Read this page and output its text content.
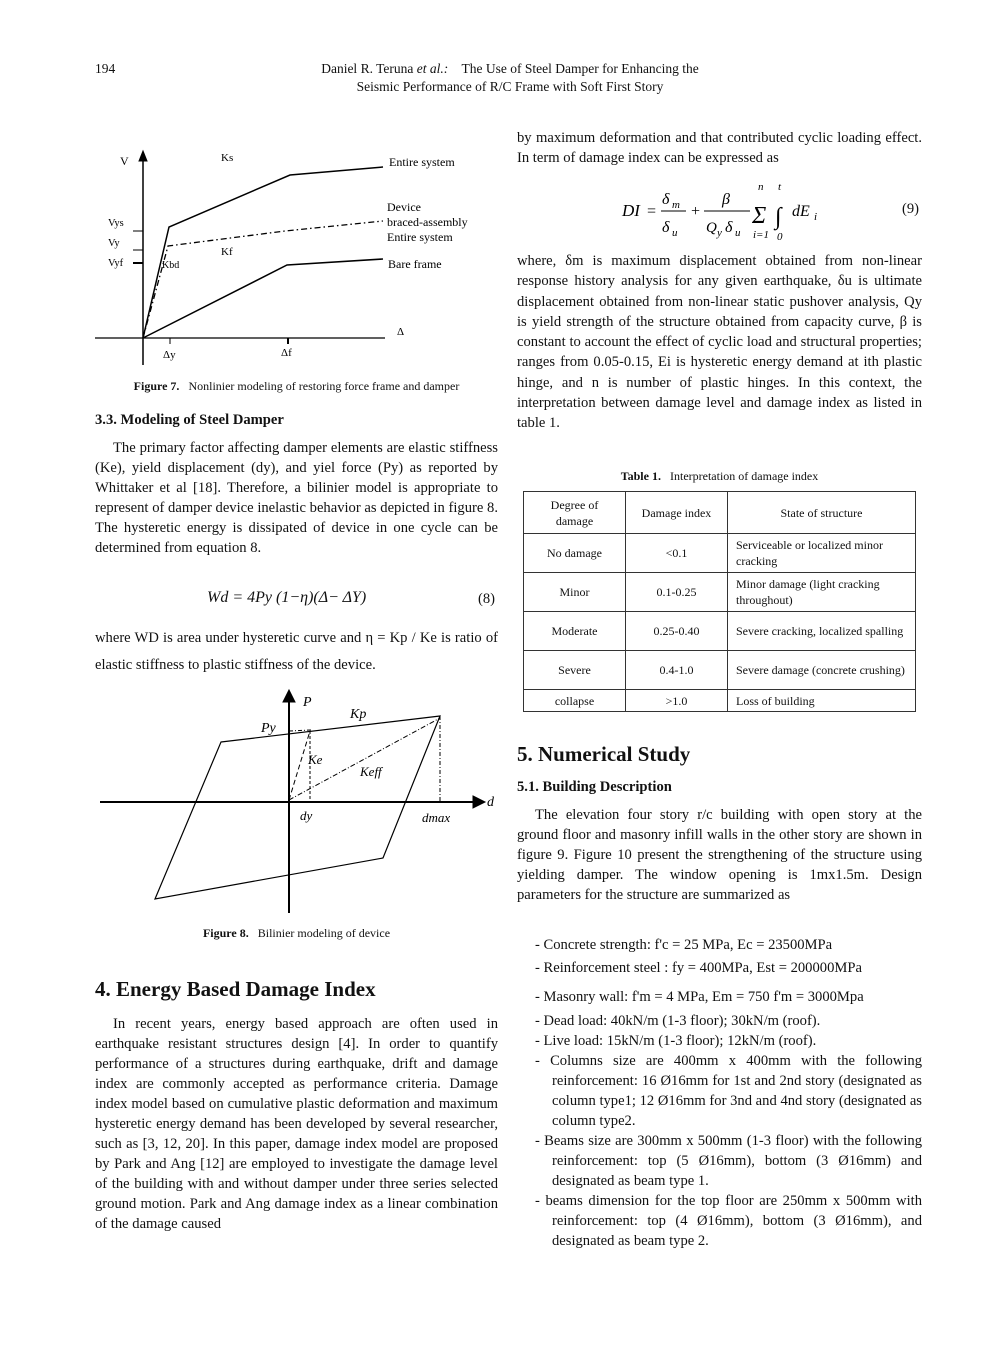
194	Daniel R. Teruna et al.: The Use of Steel Damper for Enhancing the
Seismic Performance of R/C Frame with Soft First Story
V	Ks
Kf
Kbd
Vys
Vy
Vyf
Δ
Δy	Δf
Entire system
Device
braced-assembly
Entire system
Bare frame
Figure 7. Nonlinier modeling of restoring force frame and damper

3.3. Modeling of Steel Damper

The primary factor affecting damper elements are elastic stiffness (Ke), yield displacement (dy), and yiel force (Py) as reported by Whittaker et al [18]. Therefore, a bilinier model is appropriate to represent of damper device inelastic behavior as depicted in figure 8. The hysteretic energy is dissipated of device in one cycle can be determined from equation 8.

Wd = 4Py (1−η)(Δ− ΔY)	(8)
where WD is area under hysteretic curve and η = Kp / Ke is ratio of elastic stiffness to plastic stiffness of the device.
P
Py
Kp
Ke
Keff
d
dy	dmax
Figure 8. Bilinier modeling of device

4. Energy Based Damage Index

In recent years, energy based approach are often used in earthquake resistant structures design [4]. In order to quantify performance of a structures during earthquake, drift and damage index are commonly accepted as performance criteria. Damage index model based on cumulative plastic deformation and maximum hysteretic energy demand has been developed by several researcher, such as [3, 12, 20]. In this paper, damage index model are proposed by Park and Ang [12] are employed to investigate the damage level of the building with and without damper under three series selected ground motion. Park and Ang damage index as a linear combination of the damage caused

by maximum deformation and that contributed cyclic loading effect. In term of damage index can be expressed as
DI =
δ m
δ u
+
β
Q y δ u
n
Σ
i=1
t
∫
0
dE i	(9)
where, δm is maximum displacement obtained from non-linear response history analysis for any given earthquake, δu is ultimate displacement obtained from non-linear static pushover analysis, Qy is yield strength of the structure obtained from capacity curve, β is constant to account the effect of cyclic load and structural properties; ranges from 0.05-0.15, Ei is hysteretic energy demand at ith plastic hinge, and n is number of plastic hinges. In this context, the interpretation between damage level and damage index as listed in table 1.
Table 1. Interpretation of damage index
Degree of damage	Damage index	State of structure
No damage	<0.1	Serviceable or localized minor cracking
Minor	0.1-0.25	Minor damage (light cracking throughout)
Moderate	0.25-0.40	Severe cracking, localized spalling
Severe	0.4-1.0	Severe damage (concrete crushing)
collapse	>1.0	Loss of building

5. Numerical Study

5.1. Building Description

The elevation four story r/c building with open story at the ground floor and masonry infill walls in the other story are shown in figure 9. Figure 10 present the strengthening of the structure using yielding damper. The window opening is 1mx1.5m. Design parameters for the structure are summarized as

- Concrete strength: f'c = 25 MPa, Ec = 23500MPa

- Reinforcement steel : fy = 400MPa, Est = 200000MPa

- Masonry wall: f'm = 4 MPa, Em = 750 f'm = 3000Mpa

- Dead load: 40kN/m (1-3 floor); 30kN/m (roof).

- Live load: 15kN/m (1-3 floor); 12kN/m (roof).

- Columns size are 400mm x 400mm with the following reinforcement: 16 Ø16mm for 1st and 2nd story (designated as column type1; 12 Ø16mm for 3nd and 4nd story (designated as column type2.

- Beams size are 300mm x 500mm (1-3 floor) with the following reinforcement: top (5 Ø16mm), bottom (3 Ø16mm) and designated as beam type 1.

- beams dimension for the top floor are 250mm x 500mm with reinforcement: top (4 Ø16mm), bottom (3 Ø16mm), and designated as beam type 2.
